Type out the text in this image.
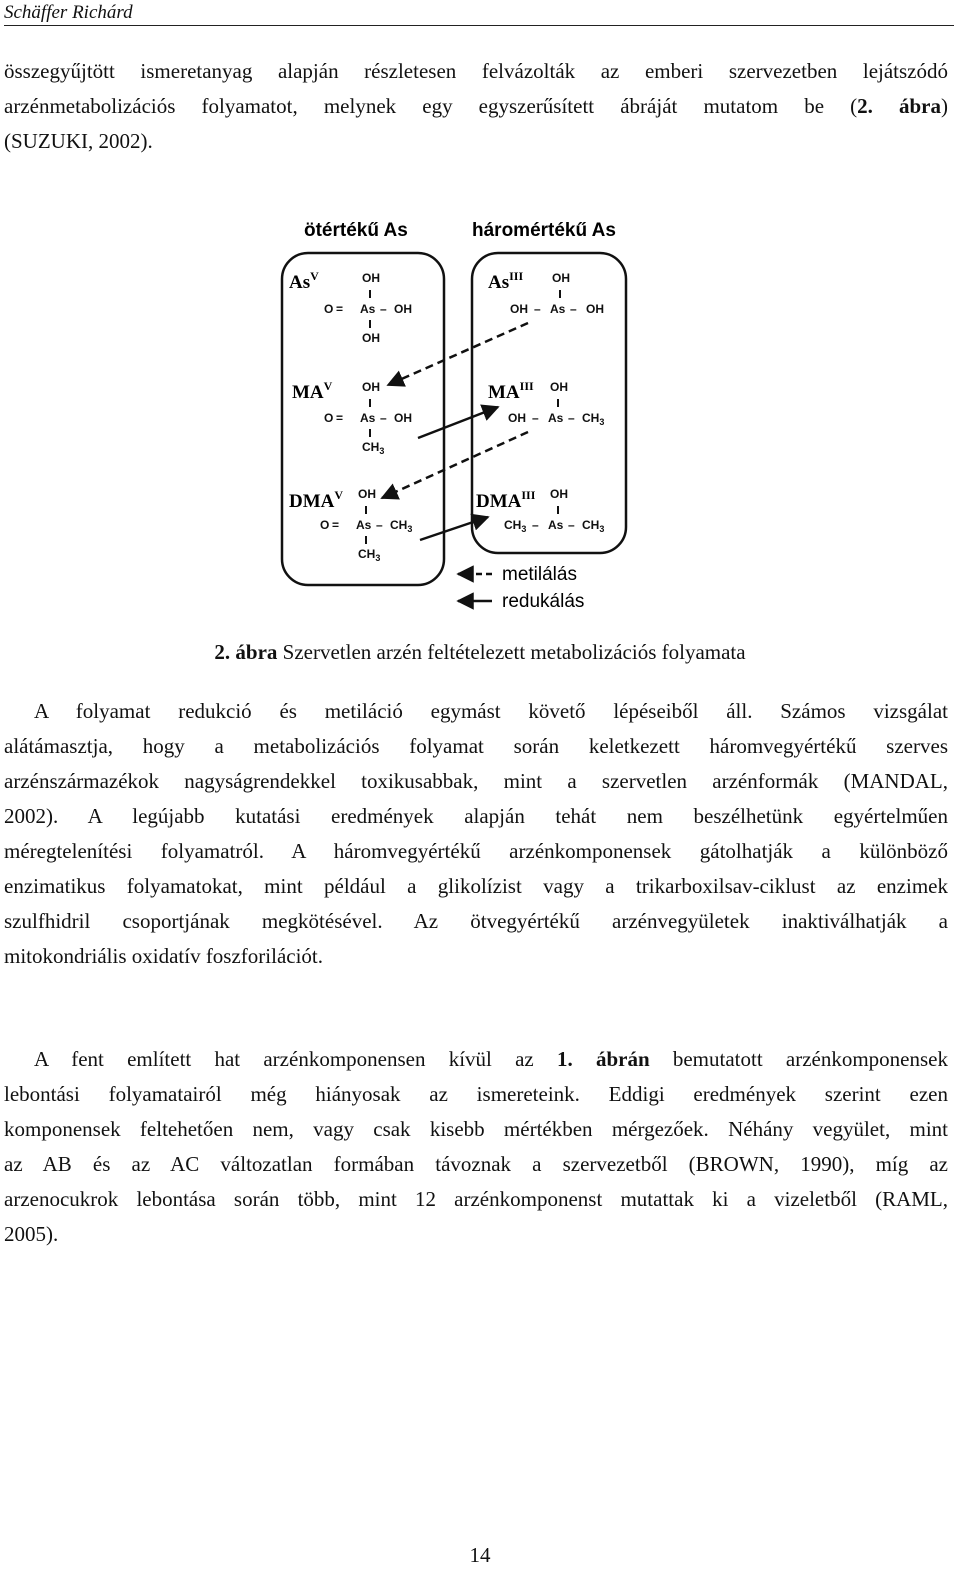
Schäffer Richárd
összegyűjtött ismeretanyag alapján részletesen felvázolták az emberi szervezetben lejátszódó
arzénmetabolizációs folyamatot, melynek egy egyszerűsített ábráját mutatom be (2. ábra)
(SUZUKI, 2002).
ötértékű As	háromértékű As
$As^V$
$MA^V$
$DMA^V$
$As^{III}$
$MA^{III}$
$DMA^{III}$
OH
O = As – OH
OH
OH
OH – As – OH
OH
O = As – OH
$CH_3$
OH
OH – As – $CH_3$
OH
$O = As - CH_3$
$CH_3$
OH
$CH_3$ – As – $CH_3$
metilálás
redukálás
2. ábra Szervetlen arzén feltételezett metabolizációs folyamata
A folyamat redukció és metiláció egymást követő lépéseiből áll. Számos vizsgálat
alátámasztja, hogy a metabolizációs folyamat során keletkezett háromvegyértékű szerves
arzénszármazékok nagyságrendekkel toxikusabbak, mint a szervetlen arzénformák (MANDAL,
2002). A legújabb kutatási eredmények alapján tehát nem beszélhetünk egyértelműen
méregtelenítési folyamatról. A háromvegyértékű arzénkomponensek gátolhatják a különböző
enzimatikus folyamatokat, mint például a glikolízist vagy a trikarboxilsav-ciklust az enzimek
szulfhidril csoportjának megkötésével. Az ötvegyértékű arzénvegyületek inaktiválhatják a
mitokondriális oxidatív foszforilációt.
A fent említett hat arzénkomponensen kívül az 1. ábrán bemutatott arzénkomponensek
lebontási folyamatairól még hiányosak az ismereteink. Eddigi eredmények szerint ezen
komponensek feltehetően nem, vagy csak kisebb mértékben mérgezőek. Néhány vegyület, mint
az AB és az AC változatlan formában távoznak a szervezetből (BROWN, 1990), míg az
arzenocukrok lebontása során több, mint 12 arzénkomponenst mutattak ki a vizeletből (RAML,
2005).
14
